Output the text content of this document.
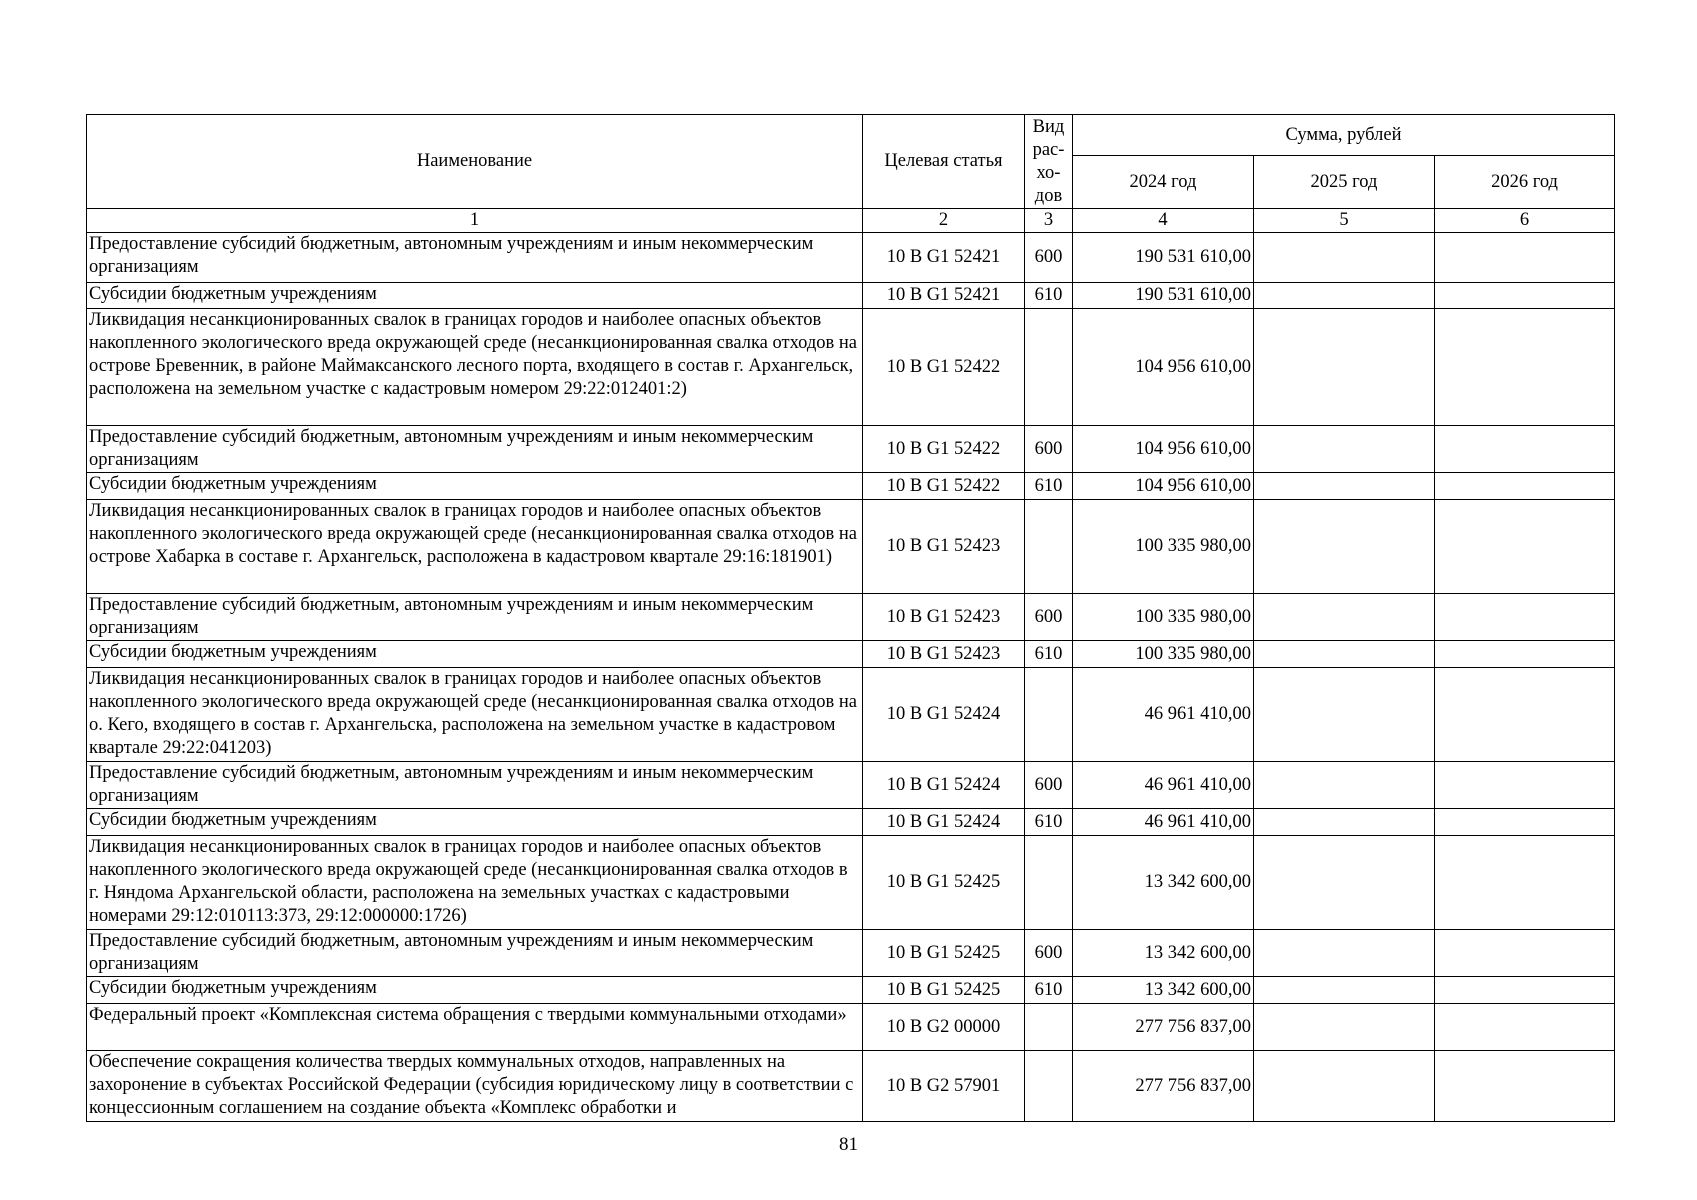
Наименование	Целевая статья	Вид рас- хо- дов	Сумма, рублей		
			2024 год	2025 год	2026 год
1	2	3	4	5	6
Предоставление субсидий бюджетным, автономным учреждениям и иным некоммерческим организациям	10 В G1 52421	600	190 531 610,00		
Субсидии бюджетным учреждениям	10 В G1 52421	610	190 531 610,00		
Ликвидация несанкционированных свалок в границах городов и наиболее опасных объектов накопленного экологического вреда окружающей среде (несанкционированная свалка отходов на острове Бревенник, в районе Маймаксанского лесного порта, входящего в состав г. Архангельск, расположена на земельном участке с кадастровым номером 29:22:012401:2)	10 В G1 52422		104 956 610,00		
Предоставление субсидий бюджетным, автономным учреждениям и иным некоммерческим организациям	10 В G1 52422	600	104 956 610,00		
Субсидии бюджетным учреждениям	10 В G1 52422	610	104 956 610,00		
Ликвидация несанкционированных свалок в границах городов и наиболее опасных объектов накопленного экологического вреда окружающей среде (несанкционированная свалка отходов на острове Хабарка в составе г. Архангельск, расположена в кадастровом квартале 29:16:181901)	10 В G1 52423		100 335 980,00		
Предоставление субсидий бюджетным, автономным учреждениям и иным некоммерческим организациям	10 В G1 52423	600	100 335 980,00		
Субсидии бюджетным учреждениям	10 В G1 52423	610	100 335 980,00		
Ликвидация несанкционированных свалок в границах городов и наиболее опасных объектов накопленного экологического вреда окружающей среде (несанкционированная свалка отходов на о. Кего, входящего в состав г. Архангельска, расположена на земельном участке в кадастровом квартале 29:22:041203)	10 В G1 52424		46 961 410,00		
Предоставление субсидий бюджетным, автономным учреждениям и иным некоммерческим организациям	10 В G1 52424	600	46 961 410,00		
Субсидии бюджетным учреждениям	10 В G1 52424	610	46 961 410,00		
Ликвидация несанкционированных свалок в границах городов и наиболее опасных объектов накопленного экологического вреда окружающей среде (несанкционированная свалка отходов в г. Няндома Архангельской области, расположена на земельных участках с кадастровыми номерами 29:12:010113:373, 29:12:000000:1726)	10 В G1 52425		13 342 600,00		
Предоставление субсидий бюджетным, автономным учреждениям и иным некоммерческим организациям	10 В G1 52425	600	13 342 600,00		
Субсидии бюджетным учреждениям	10 В G1 52425	610	13 342 600,00		
Федеральный проект «Комплексная система обращения с твердыми коммунальными отходами»	10 В G2 00000		277 756 837,00		
Обеспечение сокращения количества твердых коммунальных отходов, направленных на захоронение в субъектах Российской Федерации (субсидия юридическому лицу в соответствии с концессионным соглашением на создание объекта «Комплекс обработки и	10 В G2 57901		277 756 837,00		
81
